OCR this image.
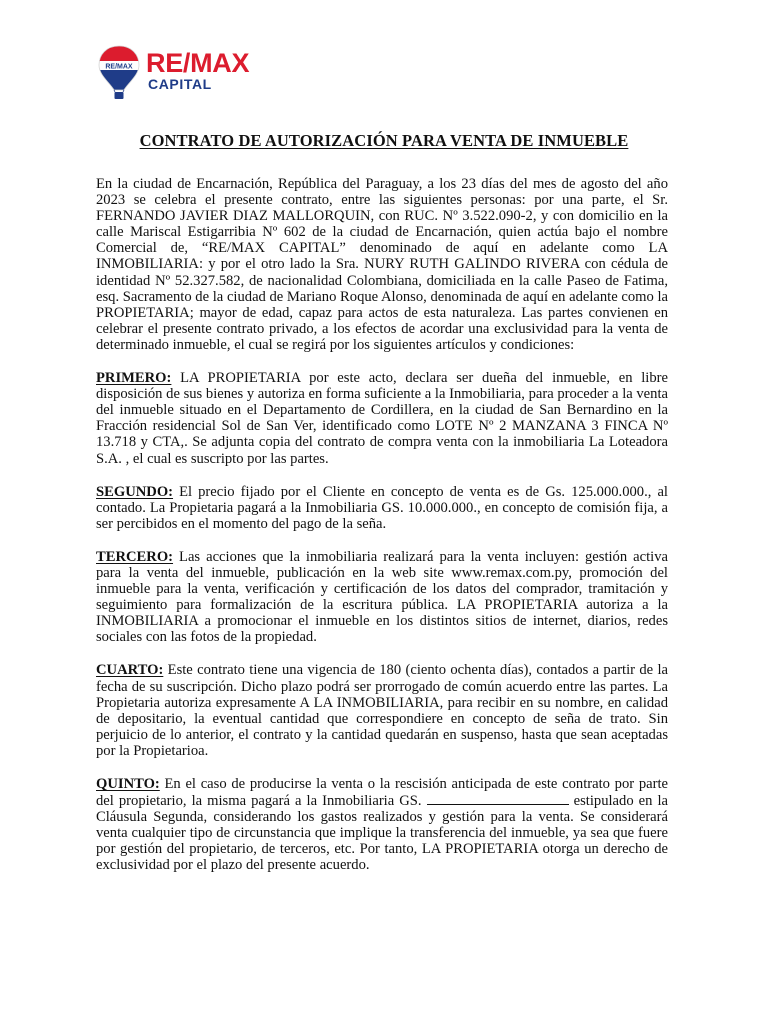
RE/MAX RE/MAX
CAPITAL
CONTRATO DE AUTORIZACIÓN PARA VENTA DE INMUEBLE

En la ciudad de Encarnación, República del Paraguay, a los 23 días del mes de agosto del año 2023 se celebra el presente contrato, entre las siguientes personas: por una parte, el Sr. FERNANDO JAVIER DIAZ MALLORQUIN, con RUC. Nº 3.522.090-2, y con domicilio en la calle Mariscal Estigarribia Nº 602 de la ciudad de Encarnación, quien actúa bajo el nombre Comercial de, “RE/MAX CAPITAL” denominado de aquí en adelante como LA INMOBILIARIA: y por el otro lado la Sra. NURY RUTH GALINDO RIVERA con cédula de identidad Nº 52.327.582, de nacionalidad Colombiana, domiciliada en la calle Paseo de Fatima, esq. Sacramento de la ciudad de Mariano Roque Alonso, denominada de aquí en adelante como la PROPIETARIA; mayor de edad, capaz para actos de esta naturaleza. Las partes convienen en celebrar el presente contrato privado, a los efectos de acordar una exclusividad para la venta de determinado inmueble, el cual se regirá por los siguientes artículos y condiciones:

PRIMERO: LA PROPIETARIA por este acto, declara ser dueña del inmueble, en libre disposición de sus bienes y autoriza en forma suficiente a la Inmobiliaria, para proceder a la venta del inmueble situado en el Departamento de Cordillera, en la ciudad de San Bernardino en la Fracción residencial Sol de San Ver, identificado como LOTE Nº 2 MANZANA 3 FINCA Nº 13.718 y CTA,. Se adjunta copia del contrato de compra venta con la inmobiliaria La Loteadora S.A. , el cual es suscripto por las partes.

SEGUNDO: El precio fijado por el Cliente en concepto de venta es de Gs. 125.000.000., al contado. La Propietaria pagará a la Inmobiliaria GS. 10.000.000., en concepto de comisión fija, a ser percibidos en el momento del pago de la seña.

TERCERO: Las acciones que la inmobiliaria realizará para la venta incluyen: gestión activa para la venta del inmueble, publicación en la web site www.remax.com.py, promoción del inmueble para la venta, verificación y certificación de los datos del comprador, tramitación y seguimiento para formalización de la escritura pública. LA PROPIETARIA autoriza a la INMOBILIARIA a promocionar el inmueble en los distintos sitios de internet, diarios, redes sociales con las fotos de la propiedad.

CUARTO: Este contrato tiene una vigencia de 180 (ciento ochenta días), contados a partir de la fecha de su suscripción. Dicho plazo podrá ser prorrogado de común acuerdo entre las partes. La Propietaria autoriza expresamente A LA INMOBILIARIA, para recibir en su nombre, en calidad de depositario, la eventual cantidad que correspondiere en concepto de seña de trato. Sin perjuicio de lo anterior, el contrato y la cantidad quedarán en suspenso, hasta que sean aceptadas por la Propietarioa.

QUINTO: En el caso de producirse la venta o la rescisión anticipada de este contrato por parte del propietario, la misma pagará a la Inmobiliaria GS.	estipulado en la Cláusula Segunda, considerando los gastos realizados y gestión para la venta. Se considerará venta cualquier tipo de circunstancia que implique la transferencia del inmueble, ya sea que fuere por gestión del propietario, de terceros, etc. Por tanto, LA PROPIETARIA otorga un derecho de exclusividad por el plazo del presente acuerdo.
